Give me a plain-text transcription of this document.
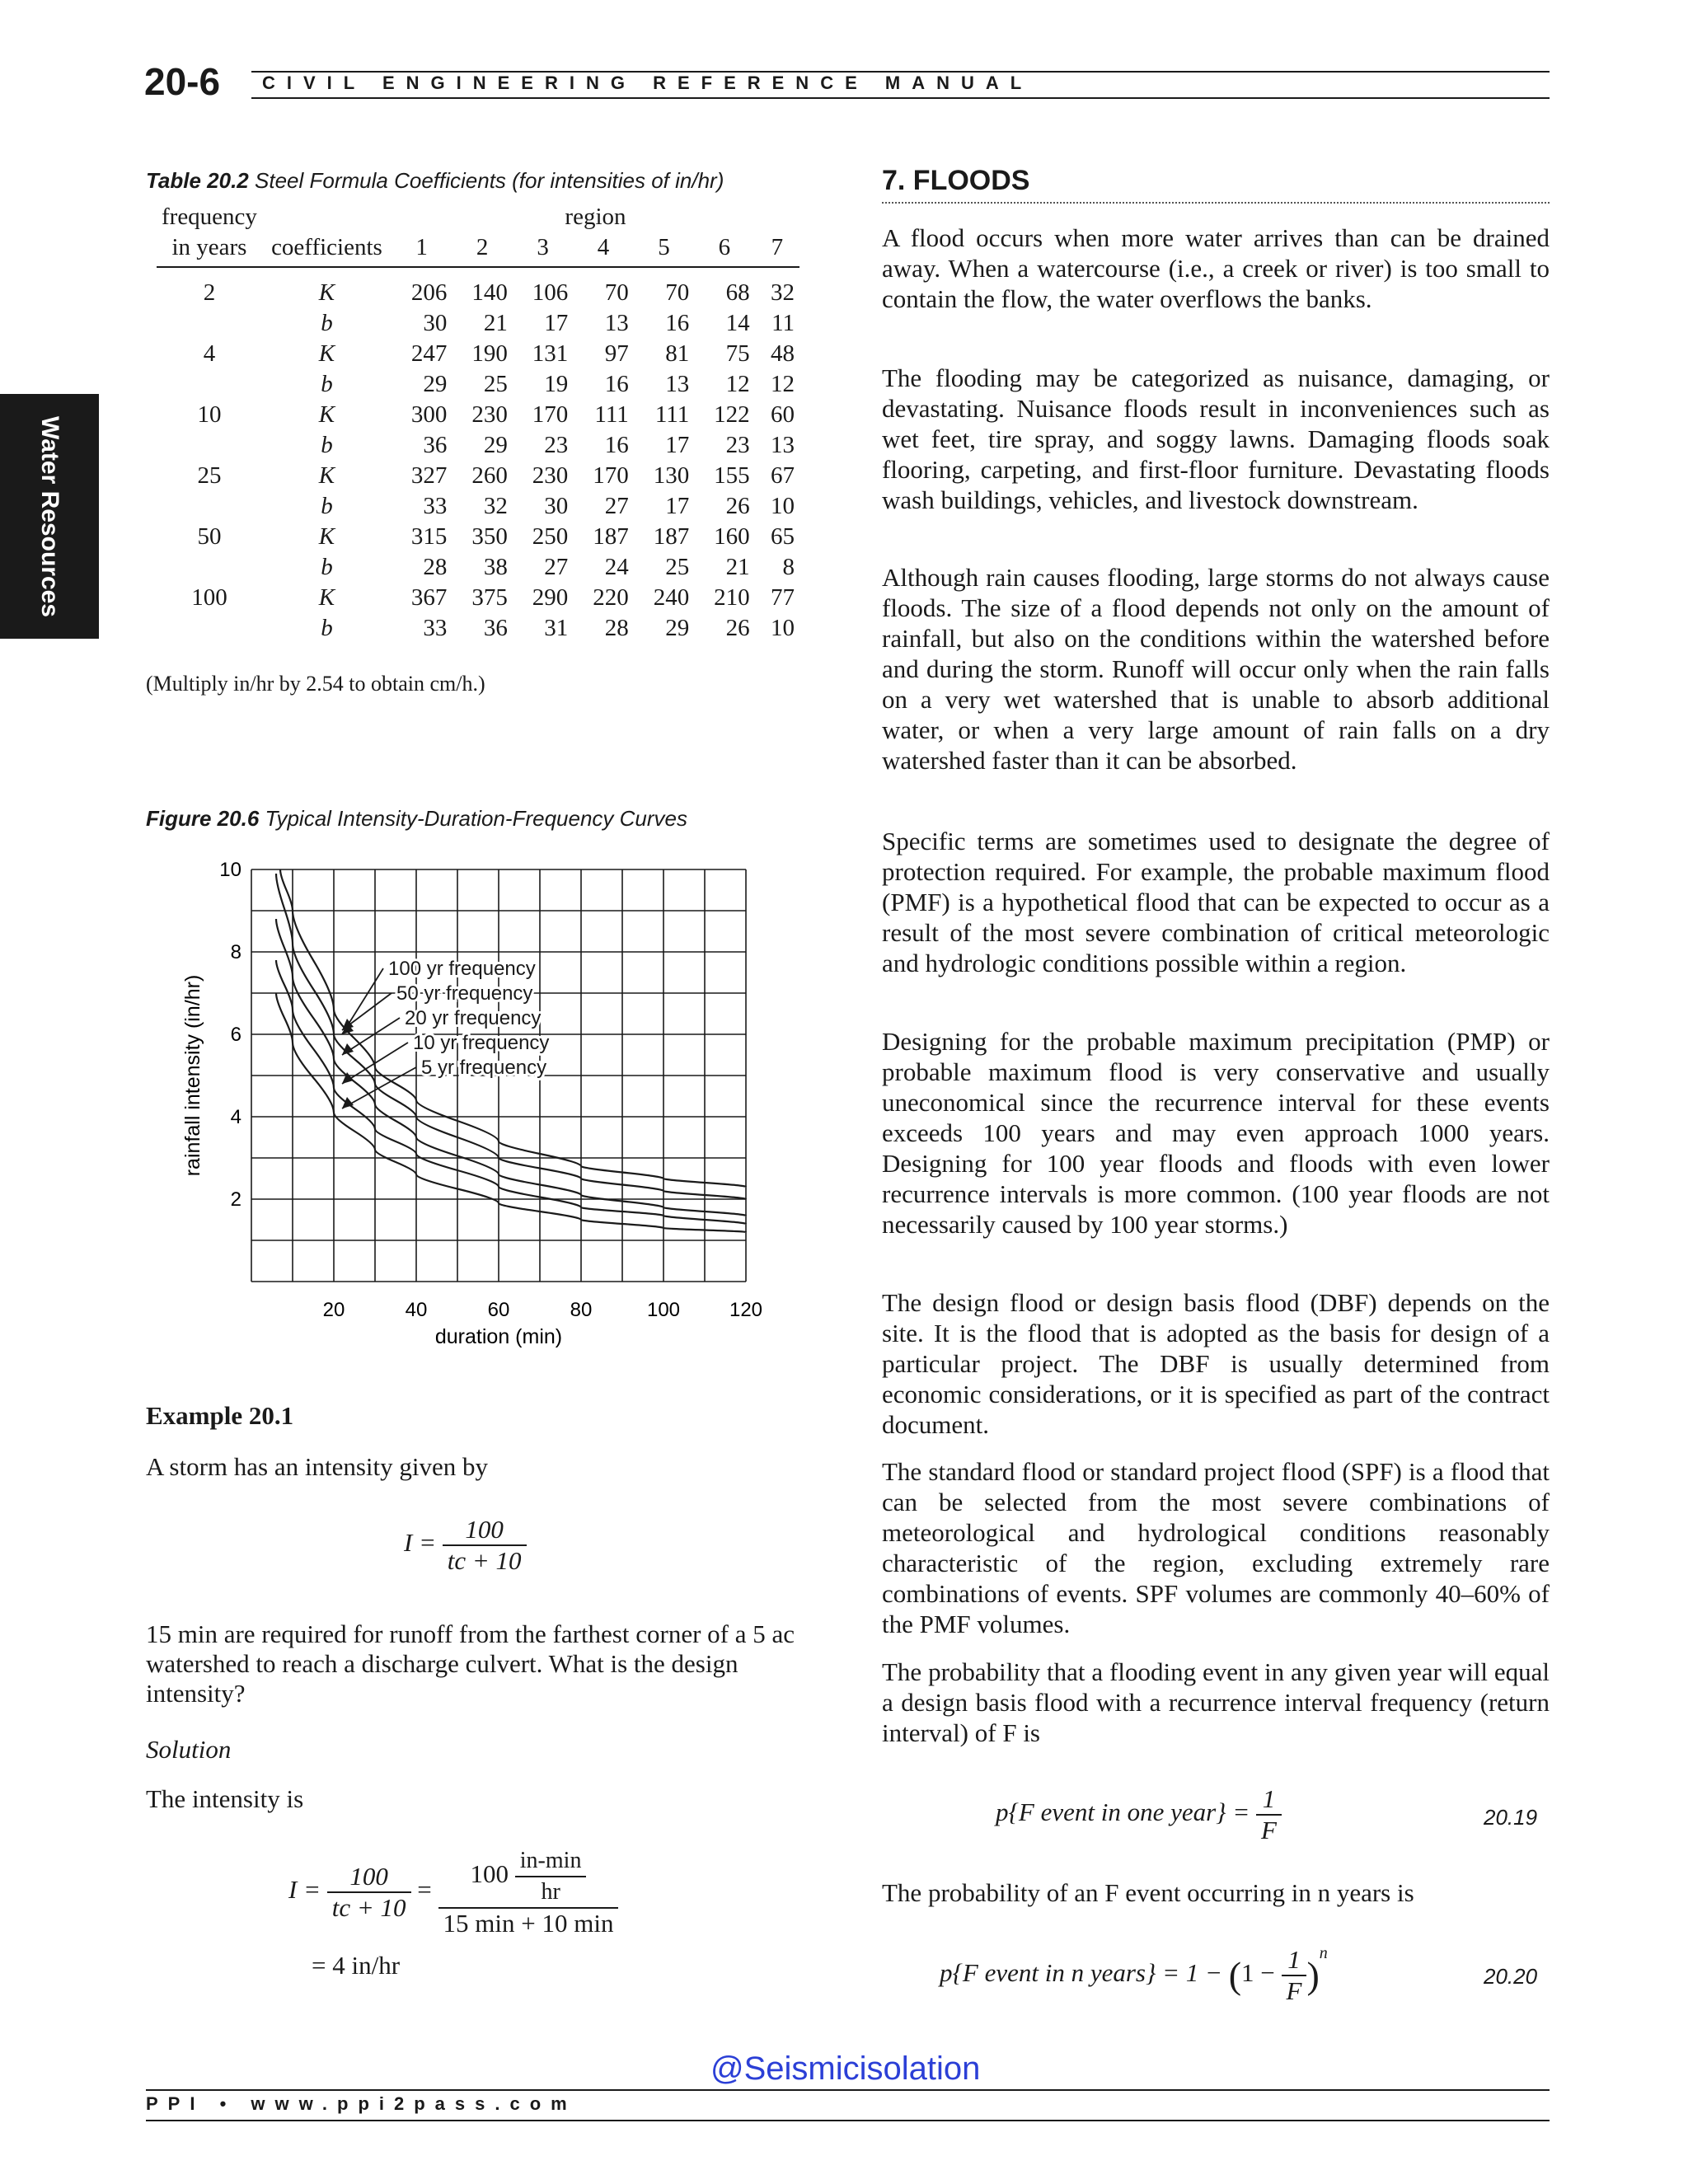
20-6 CIVIL ENGINEERING REFERENCE MANUAL
Water Resources
Table 20.2 Steel Formula Coefficients (for intensities of in/hr)
frequency		region						
in years	coefficients	1	2	3	4	5	6	7
2	K	206	140	106	70	70	68	32
	b	30	21	17	13	16	14	11
4	K	247	190	131	97	81	75	48
	b	29	25	19	16	13	12	12
10	K	300	230	170	111	111	122	60
	b	36	29	23	16	17	23	13
25	K	327	260	230	170	130	155	67
	b	33	32	30	27	17	26	10
50	K	315	350	250	187	187	160	65
	b	28	38	27	24	25	21	8
100	K	367	375	290	220	240	210	77
	b	33	36	31	28	29	26	10
(Multiply in/hr by 2.54 to obtain cm/h.)
Figure 20.6 Typical Intensity-Duration-Frequency Curves
20	40	60	80	100 120
2
4
6
8
10
duration (min)
rainfall intensity (in/hr)
100 yr frequency
50 yr frequency
20 yr frequency
10 yr frequency
5 yr frequency
Example 20.1
A storm has an intensity given by
$I = \frac{100}{tc + 10}$
15 min are required for runoff from the farthest corner of a 5 ac watershed to reach a discharge culvert. What is the design intensity?
Solution
The intensity is
$I = \frac{100}{tc + 10} = \frac{100 \frac{in-\min}{hr}}{15 \min + 10 \min}$
= 4 in/hr
7. FLOODS

A flood occurs when more water arrives than can be drained away. When a watercourse (i.e., a creek or river) is too small to contain the flow, the water overflows the banks.

The flooding may be categorized as nuisance, damaging, or devastating. Nuisance floods result in inconveniences such as wet feet, tire spray, and soggy lawns. Damaging floods soak flooring, carpeting, and first-floor furniture. Devastating floods wash buildings, vehicles, and livestock downstream.

Although rain causes flooding, large storms do not always cause floods. The size of a flood depends not only on the amount of rainfall, but also on the conditions within the watershed before and during the storm. Runoff will occur only when the rain falls on a very wet watershed that is unable to absorb additional water, or when a very large amount of rain falls on a dry watershed faster than it can be absorbed.

Specific terms are sometimes used to designate the degree of protection required. For example, the probable maximum flood (PMF) is a hypothetical flood that can be expected to occur as a result of the most severe combination of critical meteorologic and hydrologic conditions possible within a region.

Designing for the probable maximum precipitation (PMP) or probable maximum flood is very conservative and usually uneconomical since the recurrence interval for these events exceeds 100 years and may even approach 1000 years. Designing for 100 year floods and floods with even lower recurrence intervals is more common. (100 year floods are not necessarily caused by 100 year storms.)

The design flood or design basis flood (DBF) depends on the site. It is the flood that is adopted as the basis for design of a particular project. The DBF is usually determined from economic considerations, or it is specified as part of the contract document.

The standard flood or standard project flood (SPF) is a flood that can be selected from the most severe combinations of meteorological and hydrological conditions reasonably characteristic of the region, excluding extremely rare combinations of events. SPF volumes are commonly 40–60% of the PMF volumes.

The probability that a flooding event in any given year will equal a design basis flood with a recurrence interval frequency (return interval) of F is

p{F event in one year} = $\frac{1}{F}$	20.19

The probability of an F event occurring in n years is

p{F event in n years} = $1 - (1 - \frac{1}{F} )^n$
20.20
@Seismicisolation
PPI • www.ppi2pass.com
